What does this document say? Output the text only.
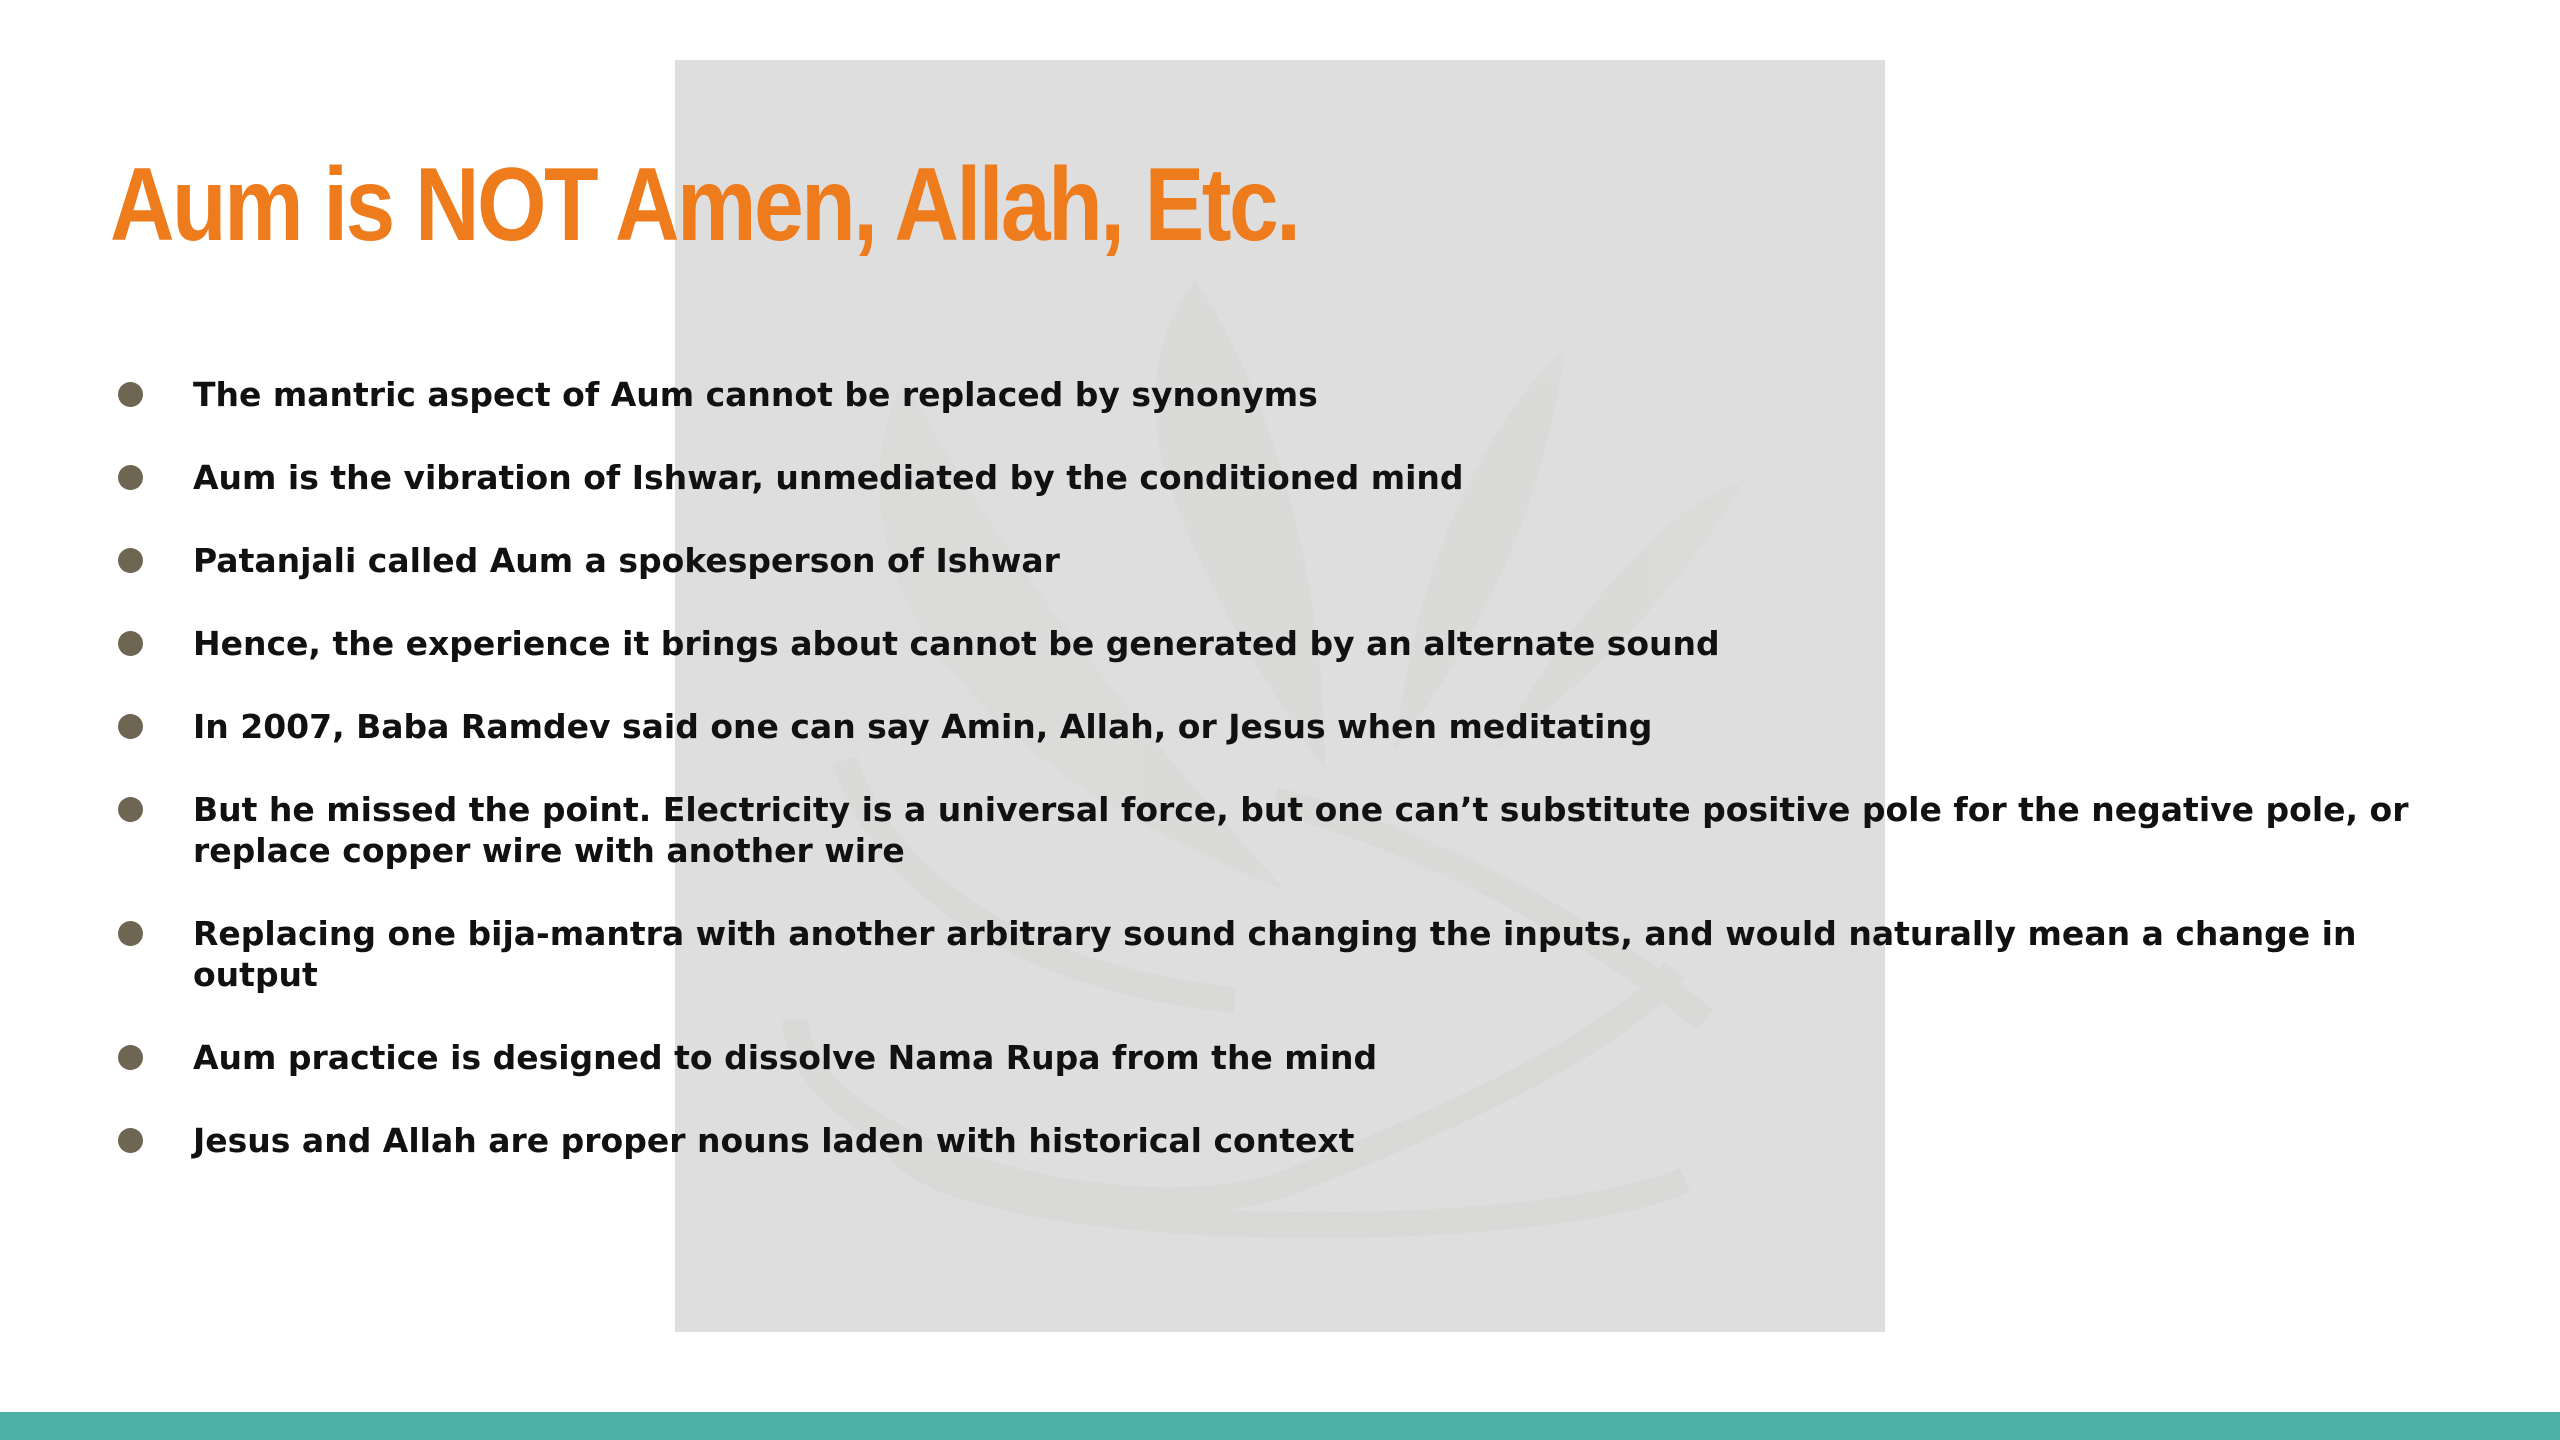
Aum is NOT Amen, Allah, Etc.
The mantric aspect of Aum cannot be replaced by synonyms
Aum is the vibration of Ishwar, unmediated by the conditioned mind
Patanjali called Aum a spokesperson of Ishwar
Hence, the experience it brings about cannot be generated by an alternate sound
In 2007, Baba Ramdev said one can say Amin, Allah, or Jesus when meditating
But he missed the point. Electricity is a universal force, but one can’t substitute positive pole for the negative pole, or replace copper wire with another wire
Replacing one bija-mantra with another arbitrary sound changing the inputs, and would naturally mean a change in output
Aum practice is designed to dissolve Nama Rupa from the mind
Jesus and Allah are proper nouns laden with historical context
